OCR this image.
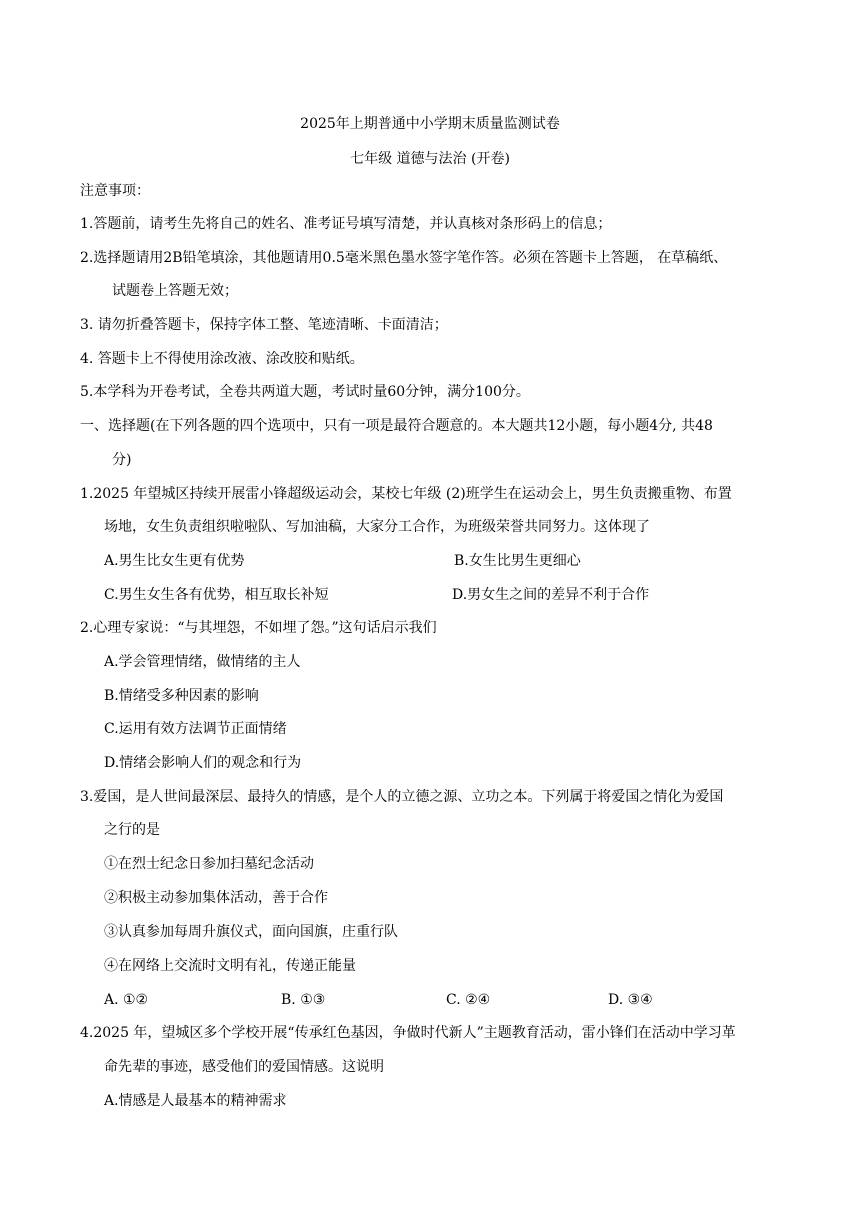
2025年上期普通中小学期末质量监测试卷
七年级 道德与法治 (开卷)
注意事项：
1.答题前，请考生先将自己的姓名、准考证号填写清楚，并认真核对条形码上的信息；
2.选择题请用2B铅笔填涂，其他题请用0.5毫米黑色墨水签字笔作答。必须在答题卡上答题， 在草稿纸、
试题卷上答题无效；
3. 请勿折叠答题卡，保持字体工整、笔迹清晰、卡面清洁；
4. 答题卡上不得使用涂改液、涂改胶和贴纸。
5.本学科为开卷考试，全卷共两道大题，考试时量60分钟，满分100分。
一、选择题(在下列各题的四个选项中，只有一项是最符合题意的。本大题共12小题，每小题4分, 共48
分)
1.2025 年望城区持续开展雷小锋超级运动会，某校七年级 (2)班学生在运动会上，男生负责搬重物、布置
场地，女生负责组织啦啦队、写加油稿，大家分工合作，为班级荣誉共同努力。这体现了
A.男生比女生更有优势	B.女生比男生更细心
C.男生女生各有优势，相互取长补短	D.男女生之间的差异不利于合作
2.心理专家说：“与其埋怨，不如埋了怨。”这句话启示我们
A.学会管理情绪，做情绪的主人
B.情绪受多种因素的影响
C.运用有效方法调节正面情绪
D.情绪会影响人们的观念和行为
3.爱国，是人世间最深层、最持久的情感，是个人的立德之源、立功之本。下列属于将爱国之情化为爱国
之行的是
①在烈士纪念日参加扫墓纪念活动
②积极主动参加集体活动，善于合作
③认真参加每周升旗仪式，面向国旗，庄重行队
④在网络上交流时文明有礼，传递正能量
A. ①②	B. ①③	C. ②④	D. ③④
4.2025 年，望城区多个学校开展“传承红色基因，争做时代新人”主题教育活动，雷小锋们在活动中学习革
命先辈的事迹，感受他们的爱国情感。这说明
A.情感是人最基本的精神需求
